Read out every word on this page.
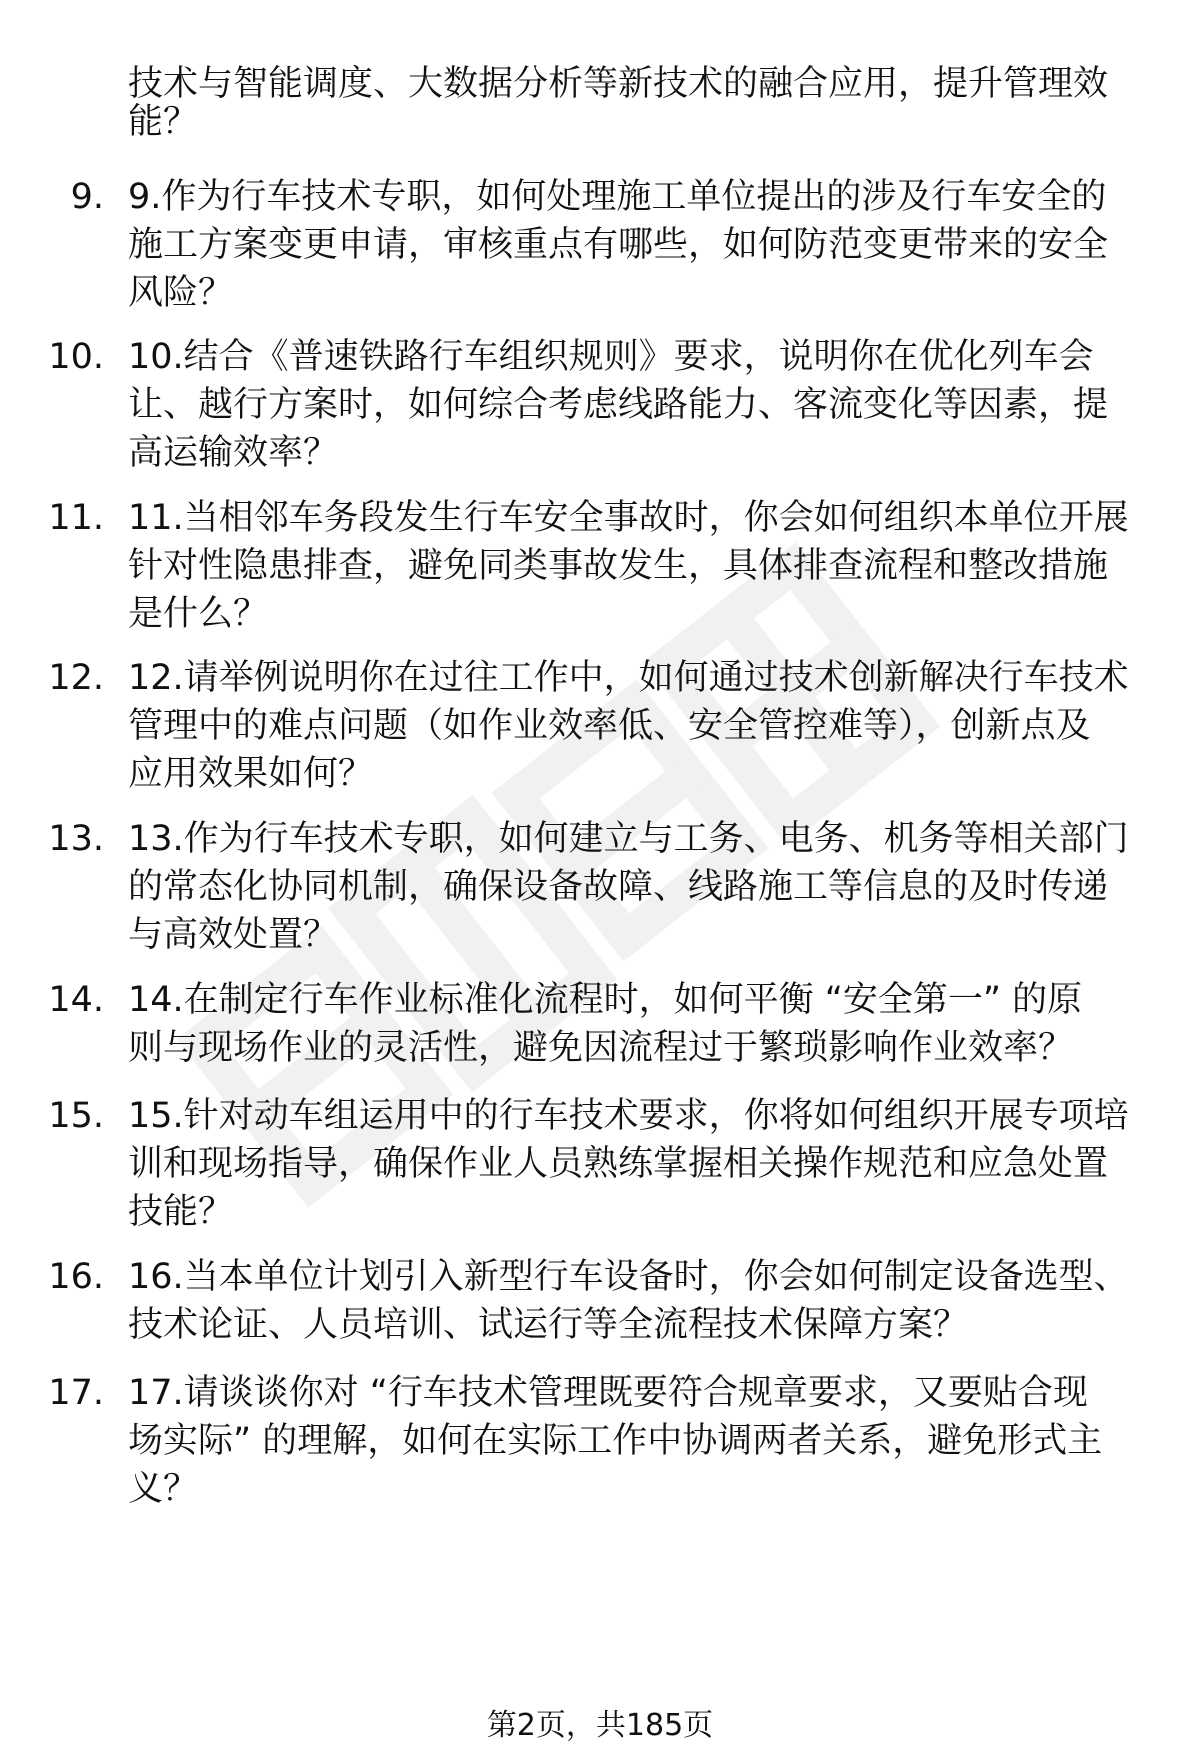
技术与智能调度、大数据分析等新技术的融合应用，提升管理效
能？
9. 9.作为行车技术专职，如何处理施工单位提出的涉及行车安全的
施工方案变更申请，审核重点有哪些，如何防范变更带来的安全
风险？
10. 10.结合《普速铁路行车组织规则》要求，说明你在优化列车会
让、越行方案时，如何综合考虑线路能力、客流变化等因素，提
高运输效率？
11. 11.当相邻车务段发生行车安全事故时，你会如何组织本单位开展
针对性隐患排查，避免同类事故发生，具体排查流程和整改措施
是什么？
12. 12.请举例说明你在过往工作中，如何通过技术创新解决行车技术
管理中的难点问题（如作业效率低、安全管控难等），创新点及
应用效果如何？
13. 13.作为行车技术专职，如何建立与工务、电务、机务等相关部门
的常态化协同机制，确保设备故障、线路施工等信息的及时传递
与高效处置？
14. 14.在制定行车作业标准化流程时，如何平衡 “安全第一” 的原
则与现场作业的灵活性，避免因流程过于繁琐影响作业效率？
15. 15.针对动车组运用中的行车技术要求，你将如何组织开展专项培
训和现场指导，确保作业人员熟练掌握相关操作规范和应急处置
技能？
16. 16.当本单位计划引入新型行车设备时，你会如何制定设备选型、
技术论证、人员培训、试运行等全流程技术保障方案？
17. 17.请谈谈你对 “行车技术管理既要符合规章要求，又要贴合现
场实际” 的理解，如何在实际工作中协调两者关系，避免形式主
义？
第2页，共185页
